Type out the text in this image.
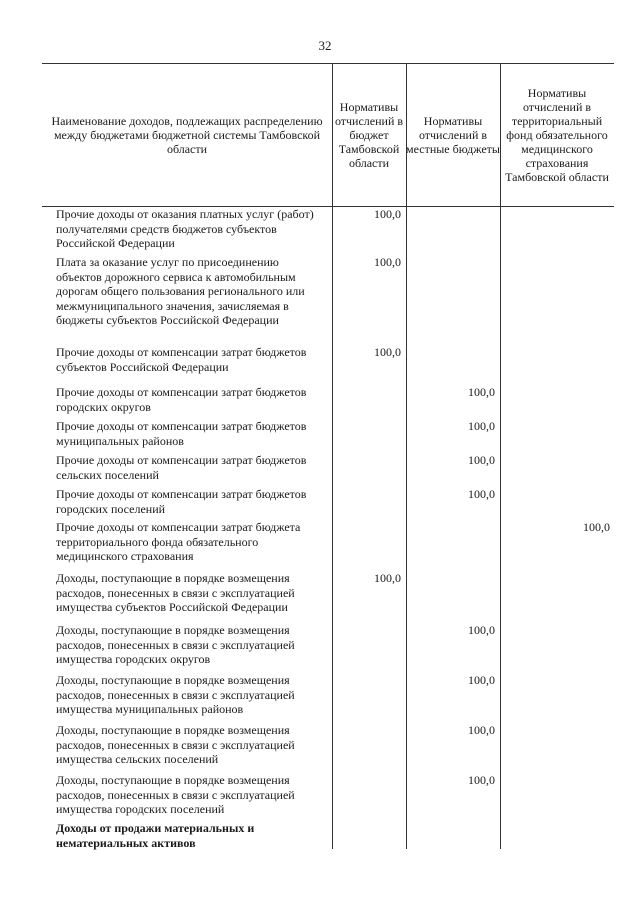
32
Наименование доходов, подлежащих распределению между бюджетами бюджетной системы Тамбовской области
Нормативы отчислений в бюджет Тамбовской области
Нормативы отчислений в местные бюджеты
Нормативы отчислений в территориальный фонд обязательного медицинского страхования Тамбовской области
Прочие доходы от оказания платных услуг (работ) получателями средств бюджетов субъектов Российской Федерации
100,0
Плата за оказание услуг по присоединению объектов дорожного сервиса к автомобильным дорогам общего пользования регионального или межмуниципального значения, зачисляемая в бюджеты субъектов Российской Федерации
100,0
Прочие доходы от компенсации затрат бюджетов субъектов Российской Федерации
100,0
Прочие доходы от компенсации затрат бюджетов городских округов
100,0
Прочие доходы от компенсации затрат бюджетов муниципальных районов
100,0
Прочие доходы от компенсации затрат бюджетов сельских поселений
100,0
Прочие доходы от компенсации затрат бюджетов городских поселений
100,0
Прочие доходы от компенсации затрат бюджета территориального фонда обязательного медицинского страхования
100,0
Доходы, поступающие в порядке возмещения расходов, понесенных в связи с эксплуатацией имущества субъектов Российской Федерации
100,0
Доходы, поступающие в порядке возмещения расходов, понесенных в связи с эксплуатацией имущества городских округов
100,0
Доходы, поступающие в порядке возмещения расходов, понесенных в связи с эксплуатацией имущества муниципальных районов
100,0
Доходы, поступающие в порядке возмещения расходов, понесенных в связи с эксплуатацией имущества сельских поселений
100,0
Доходы, поступающие в порядке возмещения расходов, понесенных в связи с эксплуатацией имущества городских поселений
100,0
Доходы от продажи материальных и нематериальных активов
